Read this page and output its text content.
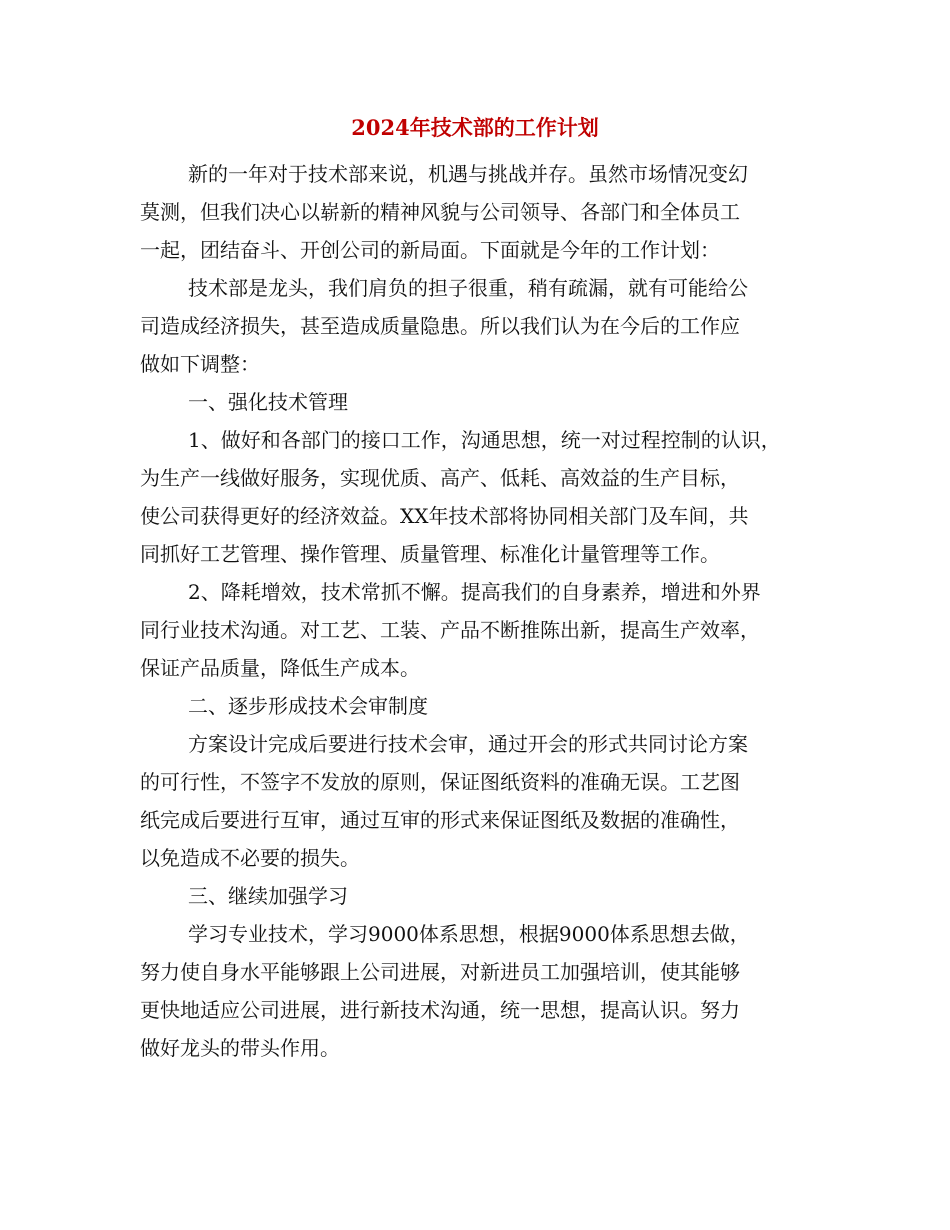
2024年技术部的工作计划

新的一年对于技术部来说，机遇与挑战并存。虽然市场情况变幻
莫测，但我们决心以崭新的精神风貌与公司领导、各部门和全体员工
一起，团结奋斗、开创公司的新局面。下面就是今年的工作计划：

技术部是龙头，我们肩负的担子很重，稍有疏漏，就有可能给公
司造成经济损失，甚至造成质量隐患。所以我们认为在今后的工作应
做如下调整：

一、强化技术管理

1、做好和各部门的接口工作，沟通思想，统一对过程控制的认识，
为生产一线做好服务，实现优质、高产、低耗、高效益的生产目标，
使公司获得更好的经济效益。XX年技术部将协同相关部门及车间，共
同抓好工艺管理、操作管理、质量管理、标准化计量管理等工作。

2、降耗增效，技术常抓不懈。提高我们的自身素养，增进和外界
同行业技术沟通。对工艺、工装、产品不断推陈出新，提高生产效率，
保证产品质量，降低生产成本。

二、逐步形成技术会审制度

方案设计完成后要进行技术会审，通过开会的形式共同讨论方案
的可行性，不签字不发放的原则，保证图纸资料的准确无误。工艺图
纸完成后要进行互审，通过互审的形式来保证图纸及数据的准确性，
以免造成不必要的损失。

三、继续加强学习

学习专业技术，学习9000体系思想，根据9000体系思想去做，
努力使自身水平能够跟上公司进展，对新进员工加强培训，使其能够
更快地适应公司进展，进行新技术沟通，统一思想，提高认识。努力
做好龙头的带头作用。
